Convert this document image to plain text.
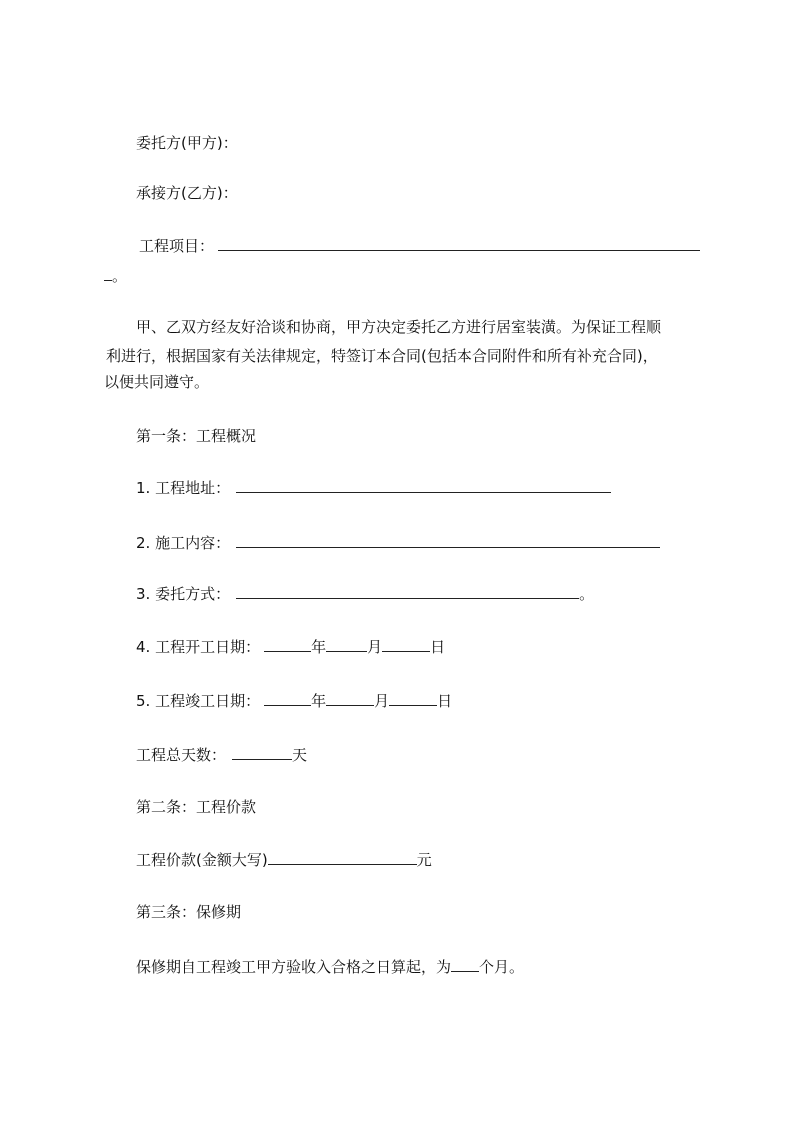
委托方(甲方)：
承接方(乙方)：
工程项目：
。
甲、乙双方经友好洽谈和协商，甲方决定委托乙方进行居室装潢。为保证工程顺
利进行，根据国家有关法律规定，特签订本合同(包括本合同附件和所有补充合同)，
以便共同遵守。
第一条：工程概况
1. 工程地址：
2. 施工内容：
3. 委托方式：	。
4. 工程开工日期：	年	月	日
5. 工程竣工日期：	年	月	日
工程总天数：	天
第二条：工程价款
工程价款(金额大写)	元
第三条：保修期
保修期自工程竣工甲方验收入合格之日算起，为 个月。
